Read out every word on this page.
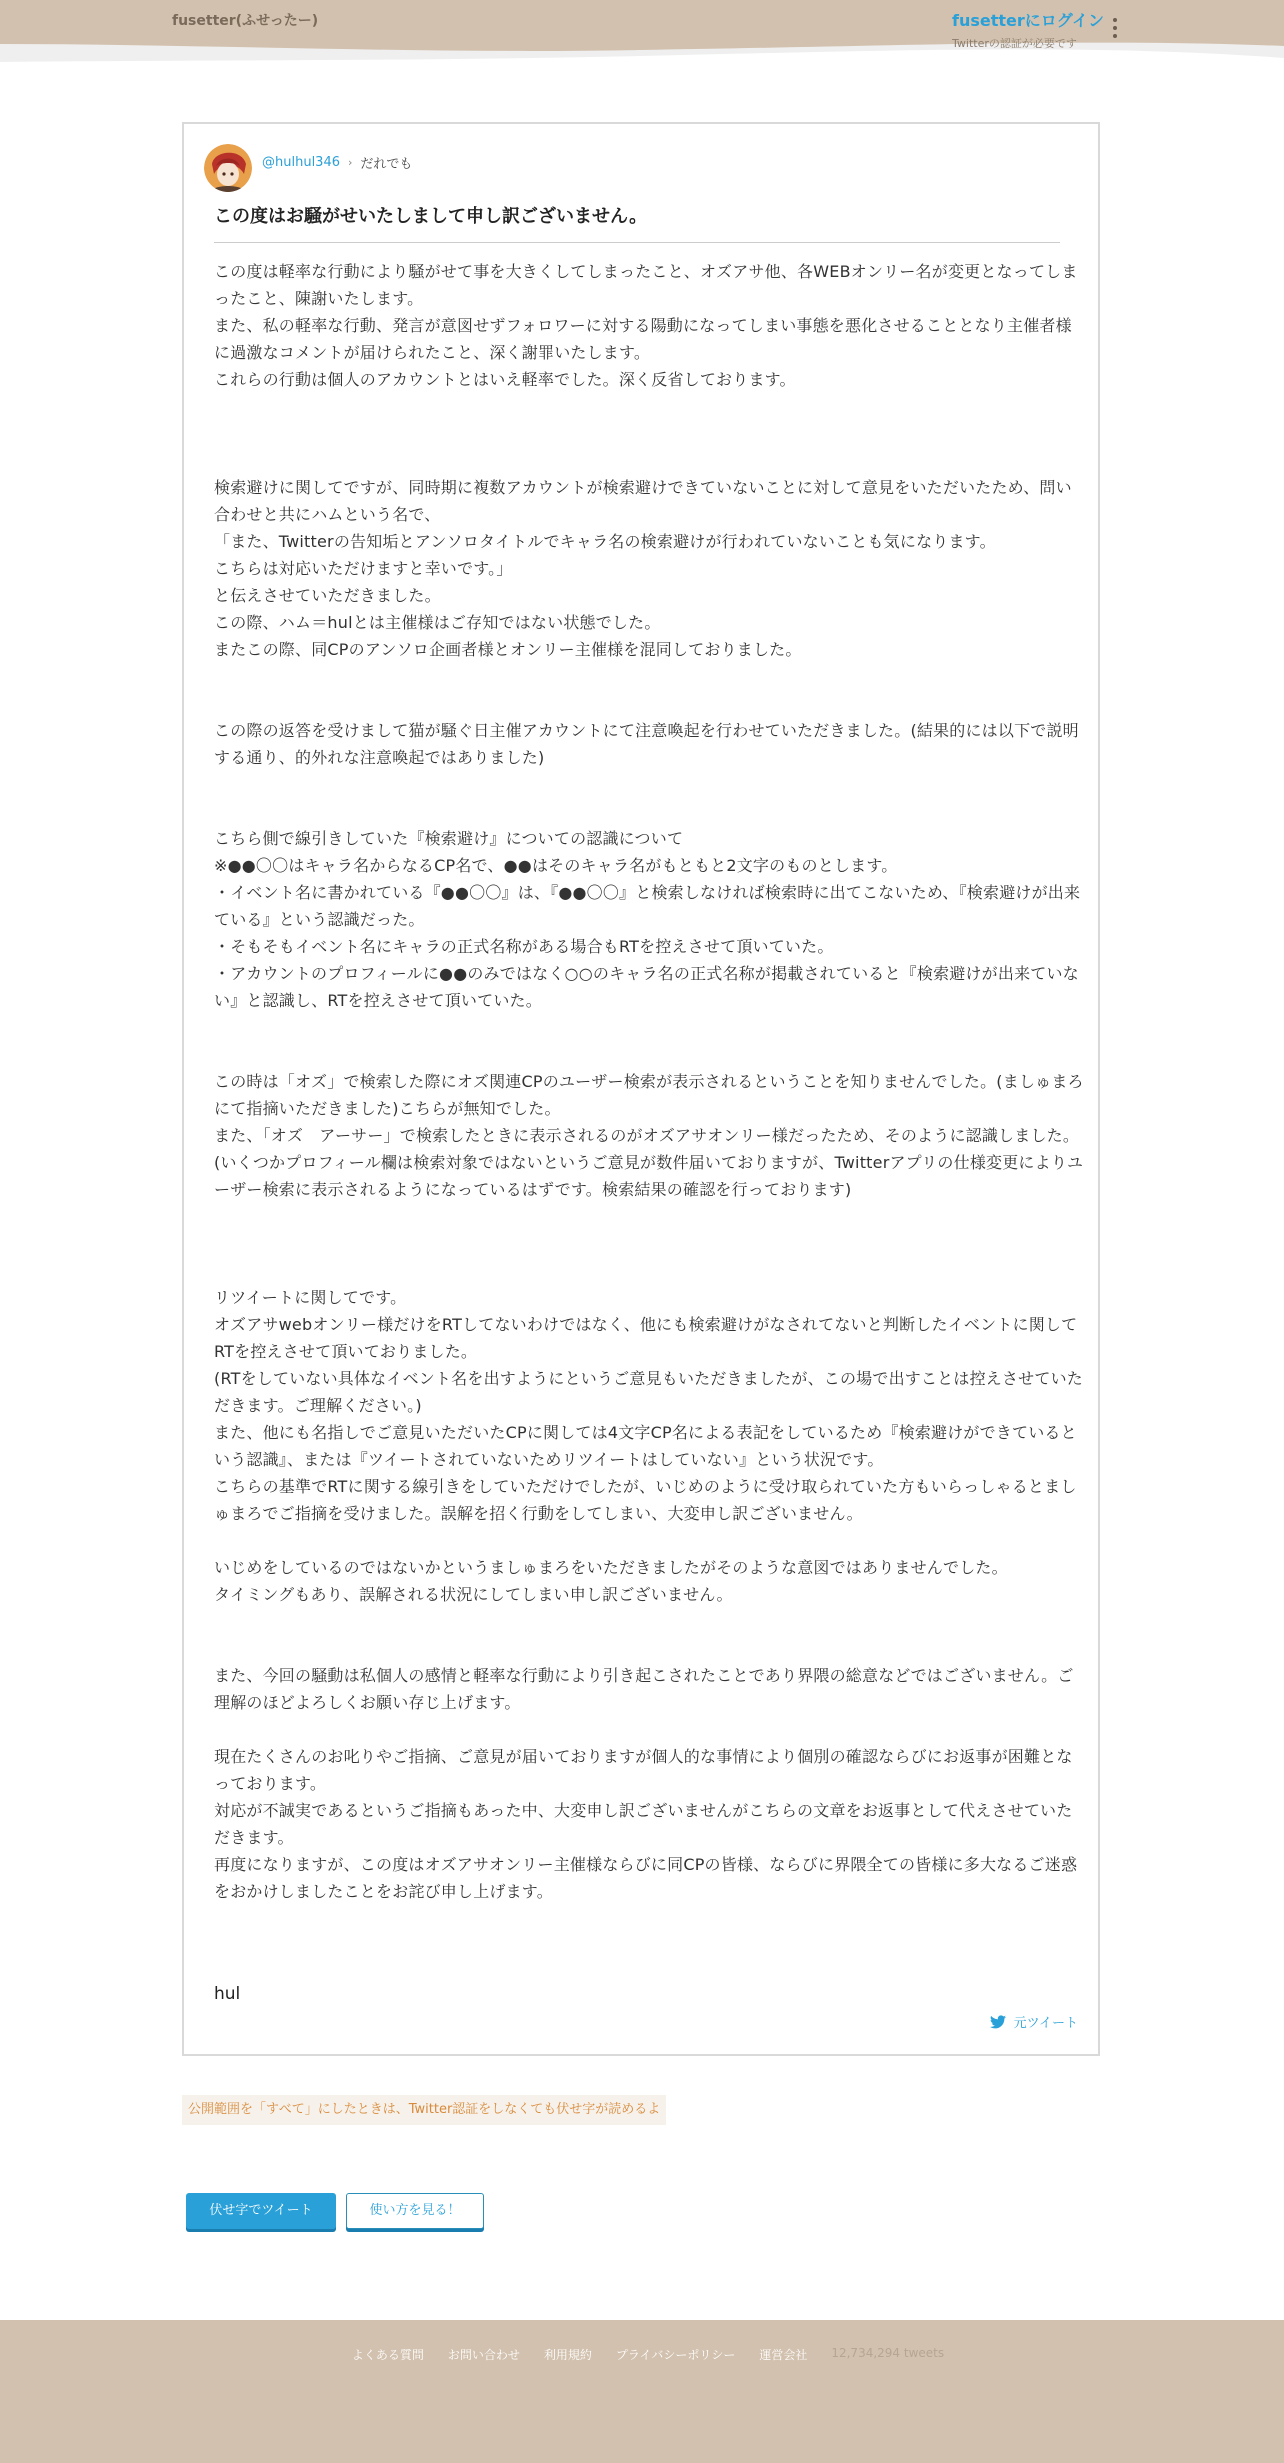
fusetter(ふせったー)	fusetterにログイン
Twitterの認証が必要です
@hulhul346 › だれでも
この度はお騒がせいたしまして申し訳ございません。

この度は軽率な行動により騒がせて事を大きくしてしまったこと、オズアサ他、各WEBオンリー名が変更となってしまったこと、陳謝いたします。

また、私の軽率な行動、発言が意図せずフォロワーに対する陽動になってしまい事態を悪化させることとなり主催者様に過激なコメントが届けられたこと、深く謝罪いたします。

これらの行動は個人のアカウントとはいえ軽率でした。深く反省しております。

検索避けに関してですが、同時期に複数アカウントが検索避けできていないことに対して意見をいただいたため、問い合わせと共にハムという名で、

「また、Twitterの告知垢とアンソロタイトルでキャラ名の検索避けが行われていないことも気になります。

こちらは対応いただけますと幸いです。」

と伝えさせていただきました。

この際、ハム＝hulとは主催様はご存知ではない状態でした。

またこの際、同CPのアンソロ企画者様とオンリー主催様を混同しておりました。

この際の返答を受けまして猫が騒ぐ日主催アカウントにて注意喚起を行わせていただきました。(結果的には以下で説明する通り、的外れな注意喚起ではありました)

こちら側で線引きしていた『検索避け』についての認識について

※●●〇〇はキャラ名からなるCP名で、●●はそのキャラ名がもともと2文字のものとします。

・イベント名に書かれている『●●〇〇』は、『●●〇〇』と検索しなければ検索時に出てこないため、『検索避けが出来ている』という認識だった。

・そもそもイベント名にキャラの正式名称がある場合もRTを控えさせて頂いていた。

・アカウントのプロフィールに●●のみではなく○○のキャラ名の正式名称が掲載されていると『検索避けが出来ていない』と認識し、RTを控えさせて頂いていた。

この時は「オズ」で検索した際にオズ関連CPのユーザー検索が表示されるということを知りませんでした。(ましゅまろにて指摘いただきました)こちらが無知でした。

また、「オズ　アーサー」で検索したときに表示されるのがオズアサオンリー様だったため、そのように認識しました。

(いくつかプロフィール欄は検索対象ではないというご意見が数件届いておりますが、Twitterアプリの仕様変更によりユーザー検索に表示されるようになっているはずです。検索結果の確認を行っております)

リツイートに関してです。

オズアサwebオンリー様だけをRTしてないわけではなく、他にも検索避けがなされてないと判断したイベントに関してRTを控えさせて頂いておりました。

(RTをしていない具体なイベント名を出すようにというご意見もいただきましたが、この場で出すことは控えさせていただきます。ご理解ください。)

また、他にも名指しでご意見いただいたCPに関しては4文字CP名による表記をしているため『検索避けができているという認識』、または『ツイートされていないためリツイートはしていない』という状況です。

こちらの基準でRTに関する線引きをしていただけでしたが、いじめのように受け取られていた方もいらっしゃるとましゅまろでご指摘を受けました。誤解を招く行動をしてしまい、大変申し訳ございません。

いじめをしているのではないかというましゅまろをいただきましたがそのような意図ではありませんでした。

タイミングもあり、誤解される状況にしてしまい申し訳ございません。

また、今回の騒動は私個人の感情と軽率な行動により引き起こされたことであり界隈の総意などではございません。ご理解のほどよろしくお願い存じ上げます。

現在たくさんのお叱りやご指摘、ご意見が届いておりますが個人的な事情により個別の確認ならびにお返事が困難となっております。

対応が不誠実であるというご指摘もあった中、大変申し訳ございませんがこちらの文章をお返事として代えさせていただきます。

再度になりますが、この度はオズアサオンリー主催様ならびに同CPの皆様、ならびに界隈全ての皆様に多大なるご迷惑をおかけしましたことをお詫び申し上げます。

hul
元ツイート
公開範囲を「すべて」にしたときは、Twitter認証をしなくても伏せ字が読めるよ
伏せ字でツイート	使い方を見る！
よくある質問 お問い合わせ 利用規約 プライバシーポリシー 運営会社 12,734,294 tweets
